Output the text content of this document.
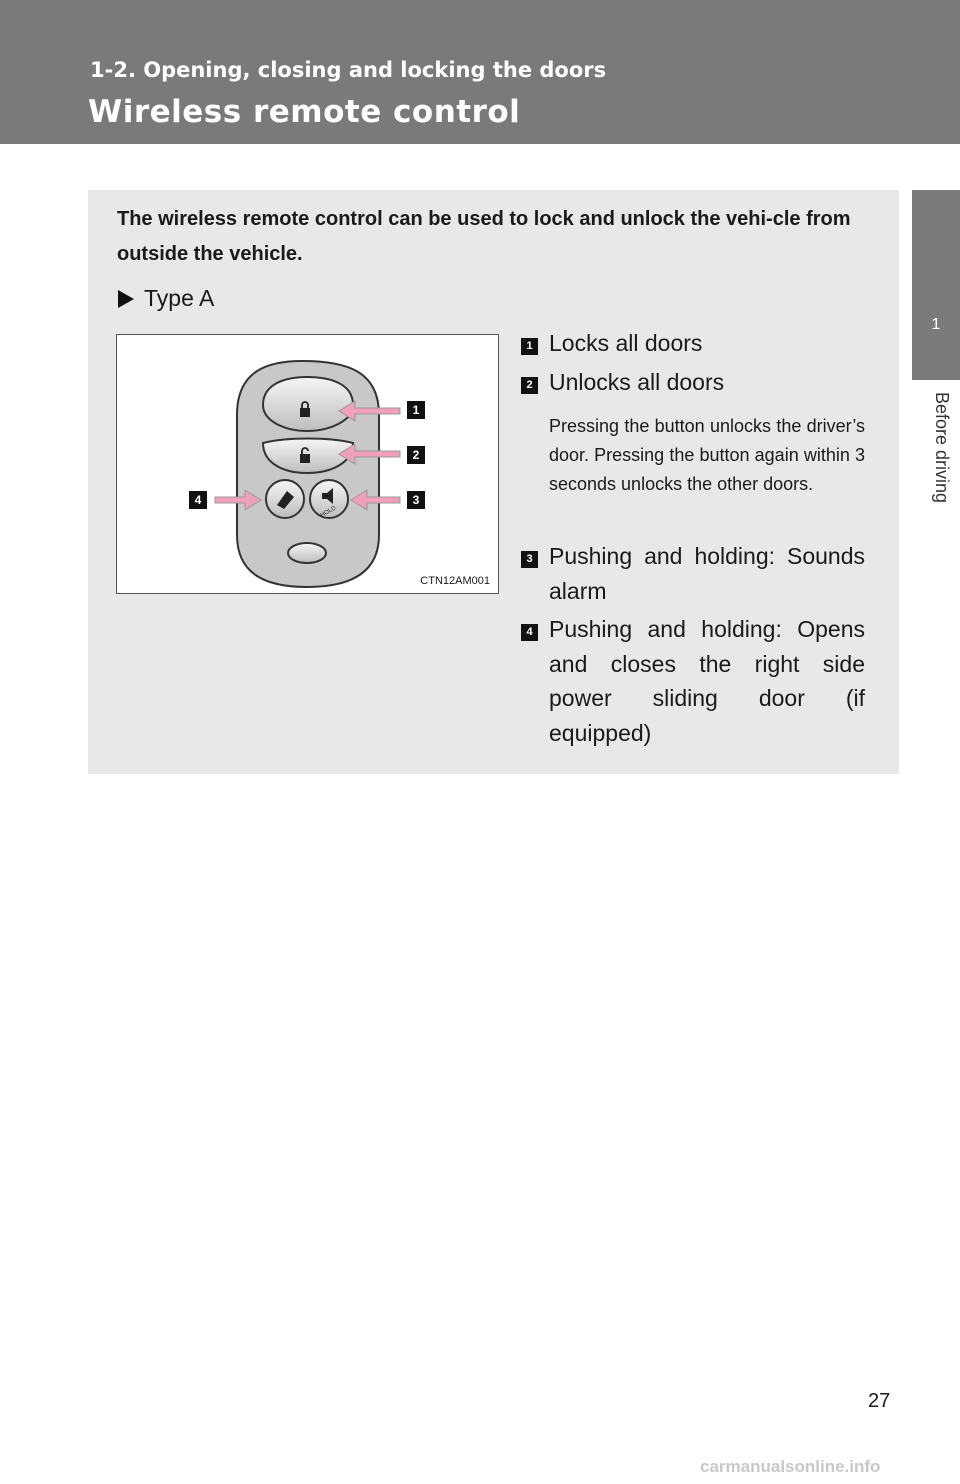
1-2. Opening, closing and locking the doors
Wireless remote control
1
Before driving
The wireless remote control can be used to lock and unlock the vehi-cle from outside the vehicle.
Type A
HOLD
1
2
3
4
CTN12AM001
1 Locks all doors
2 Unlocks all doors
Pressing the button unlocks the driver’s door. Pressing the button again within 3 seconds unlocks the other doors.
3 Pushing and holding: Sounds alarm
4 Pushing and holding: Opens and closes the right side power sliding door (if equipped)
27
carmanualsonline.info
